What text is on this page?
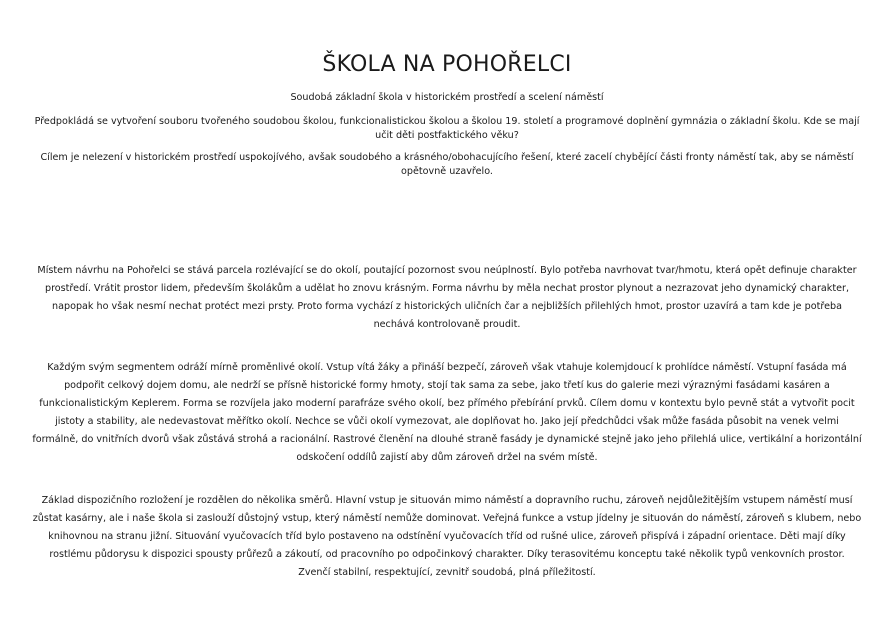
ŠKOLA NA POHOŘELCI

Soudobá základní škola v historickém prostředí a scelení náměstí

Předpokládá se vytvoření souboru tvořeného soudobou školou, funkcionalistickou školou a školou 19. století a programové doplnění gymnázia o základní školu. Kde se mají učit děti postfaktického věku?

Cílem je nelezení v historickém prostředí uspokojívého, avšak soudobého a krásného/obohacujícího řešení, které zacelí chybějící části fronty náměstí tak, aby se náměstí opětovně uzavřelo.

Místem návrhu na Pohořelci se stává parcela rozlévající se do okolí, poutající pozornost svou neúplností. Bylo potřeba navrhovat tvar/hmotu, která opět definuje charakter prostředí. Vrátit prostor lidem, především školákům a udělat ho znovu krásným. Forma návrhu by měla nechat prostor plynout a nezrazovat jeho dynamický charakter, napopak ho však nesmí nechat protéct mezi prsty. Proto forma vychází z historických uličních čar a nejbližších přilehlých hmot, prostor uzavírá a tam kde je potřeba nechává kontrolovaně proudit.

Každým svým segmentem odráží mírně proměnlivé okolí. Vstup vítá žáky a přináší bezpečí, zároveň však vtahuje kolemjdoucí k prohlídce náměstí. Vstupní fasáda má podpořit celkový dojem domu, ale nedrží se přísně historické formy hmoty, stojí tak sama za sebe, jako třetí kus do galerie mezi výraznými fasádami kasáren a funkcionalistickým Keplerem. Forma se rozvíjela jako moderní parafráze svého okolí, bez přímého přebírání prvků. Cílem domu v kontextu bylo pevně stát a vytvořit pocit jistoty a stability, ale nedevastovat měřítko okolí. Nechce se vůči okolí vymezovat, ale doplňovat ho. Jako její předchůdci však může fasáda působit na venek velmi formálně, do vnitřních dvorů však zůstává strohá a racionální. Rastrové členění na dlouhé straně fasády je dynamické stejně jako jeho přilehlá ulice, vertikální a horizontální odskočení oddílů zajistí aby dům zároveň držel na svém místě.

Základ dispozičního rozložení je rozdělen do několika směrů. Hlavní vstup je situován mimo náměstí a dopravního ruchu, zároveň nejdůležitějším vstupem náměstí musí zůstat kasárny, ale i naše škola si zaslouží důstojný vstup, který náměstí nemůže dominovat. Veřejná funkce a vstup jídelny je situován do náměstí, zároveň s klubem, nebo knihovnou na stranu jižní. Situování vyučovacích tříd bylo postaveno na odstínění vyučovacích tříd od rušné ulice, zároveň přispívá i západní orientace. Děti mají díky rostlému půdorysu k dispozici spousty průřezů a zákoutí, od pracovního po odpočinkový charakter. Díky terasovitému konceptu také několik typů venkovních prostor. Zvenčí stabilní, respektující, zevnitř soudobá, plná příležitostí.
